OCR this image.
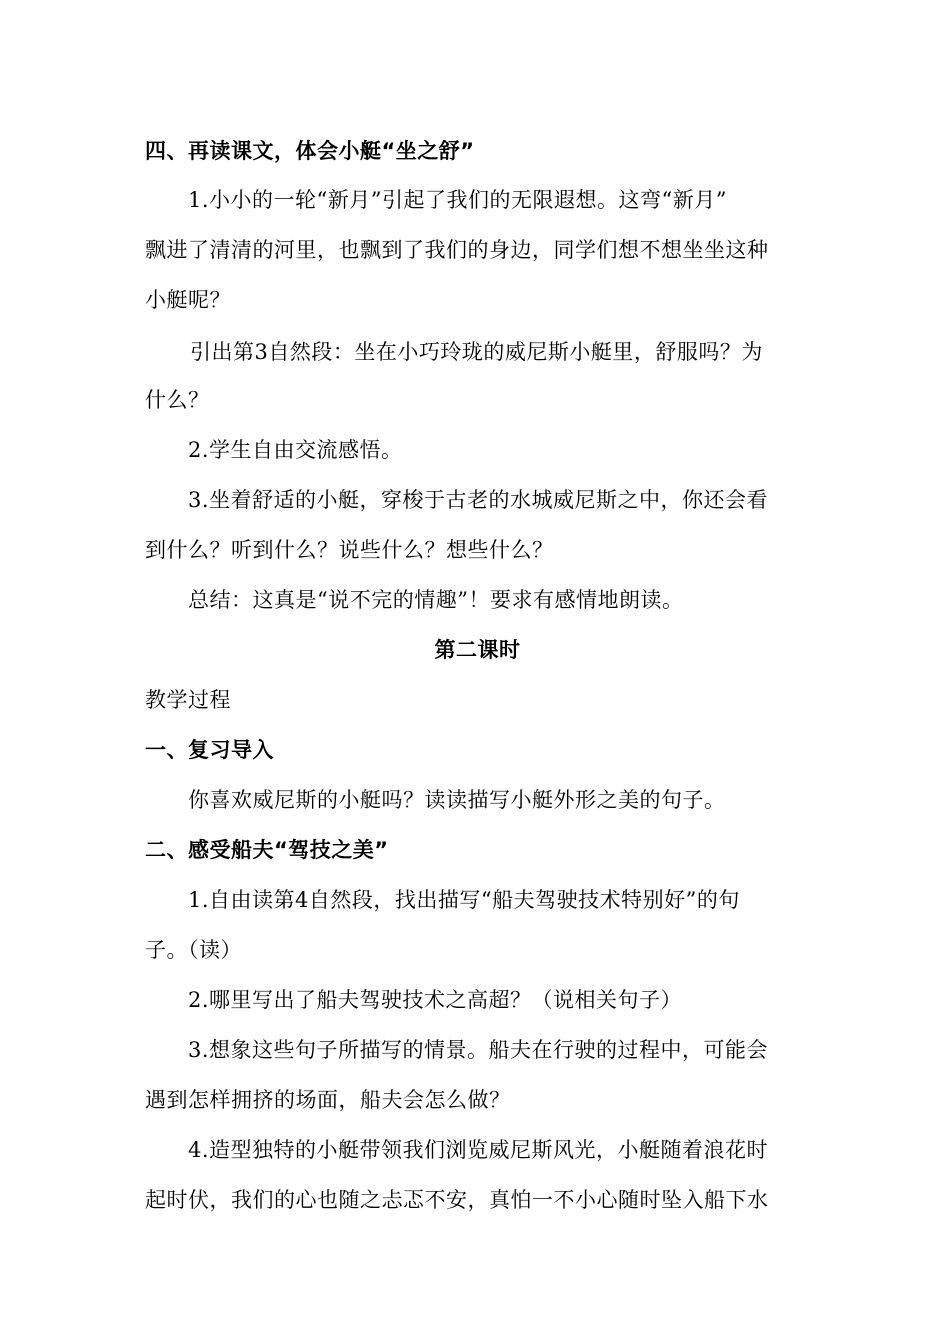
四、再读课文，体会小艇“坐之舒”
1.小小的一轮“新月”引起了我们的无限遐想。这弯“新月”
飘进了清清的河里，也飘到了我们的身边，同学们想不想坐坐这种
小艇呢？
引出第3自然段：坐在小巧玲珑的威尼斯小艇里，舒服吗？为
什么？
2.学生自由交流感悟。
3.坐着舒适的小艇，穿梭于古老的水城威尼斯之中，你还会看
到什么？听到什么？说些什么？想些什么？
总结：这真是“说不完的情趣”！要求有感情地朗读。
第二课时
教学过程
一、复习导入
你喜欢威尼斯的小艇吗？读读描写小艇外形之美的句子。
二、感受船夫“驾技之美”
1.自由读第4自然段，找出描写“船夫驾驶技术特别好”的句
子。（读）
2.哪里写出了船夫驾驶技术之高超？（说相关句子）
3.想象这些句子所描写的情景。船夫在行驶的过程中，可能会
遇到怎样拥挤的场面，船夫会怎么做？
4.造型独特的小艇带领我们浏览威尼斯风光，小艇随着浪花时
起时伏，我们的心也随之忐忑不安，真怕一不小心随时坠入船下水
